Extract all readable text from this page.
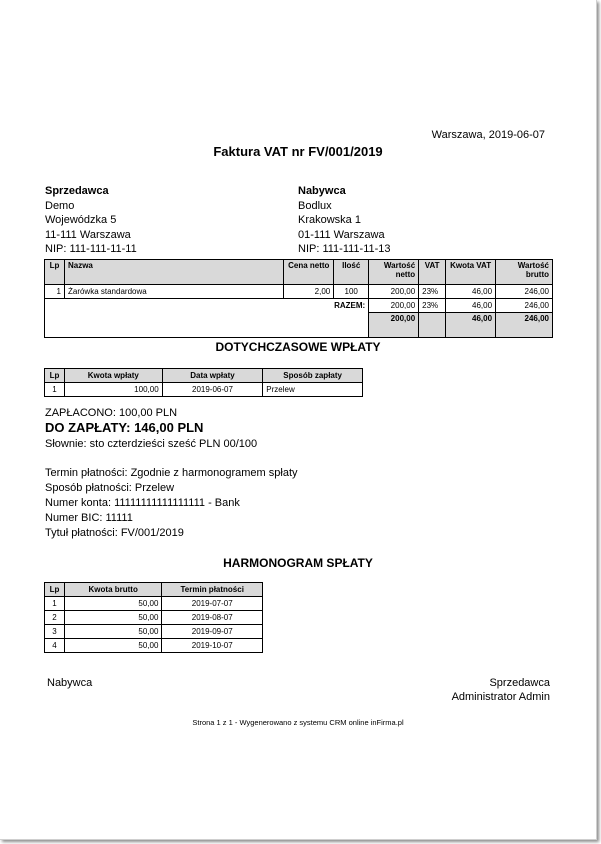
Warszawa, 2019-06-07
Faktura VAT nr FV/001/2019
Sprzedawca
Demo
Wojewódzka 5
11-111 Warszawa
NIP: 111-111-11-11
Nabywca
Bodlux
Krakowska 1
01-111 Warszawa
NIP: 111-111-11-13
Lp	Nazwa	Cena netto	Ilość	Wartość netto	VAT	Kwota VAT	Wartość brutto
1	Żarówka standardowa	2,00	100	200,00	23%	46,00	246,00
RAZEM:				200,00	23%	46,00	246,00
				200,00		46,00	246,00
DOTYCHCZASOWE WPŁATY
Lp	Kwota wpłaty	Data wpłaty	Sposób zapłaty
1	100,00	2019-06-07	Przelew
ZAPŁACONO: 100,00 PLN
DO ZAPŁATY: 146,00 PLN
Słownie: sto czterdzieści sześć PLN 00/100
Termin płatności: Zgodnie z harmonogramem spłaty
Sposób płatności: Przelew
Numer konta: 11111111111111111 - Bank
Numer BIC: 11111
Tytuł płatności: FV/001/2019
HARMONOGRAM SPŁATY
Lp	Kwota brutto	Termin płatności
1	50,00	2019-07-07
2	50,00	2019-08-07
3	50,00	2019-09-07
4	50,00	2019-10-07
Nabywca	Sprzedawca
Administrator Admin
Strona 1 z 1 - Wygenerowano z systemu CRM online inFirma.pl
